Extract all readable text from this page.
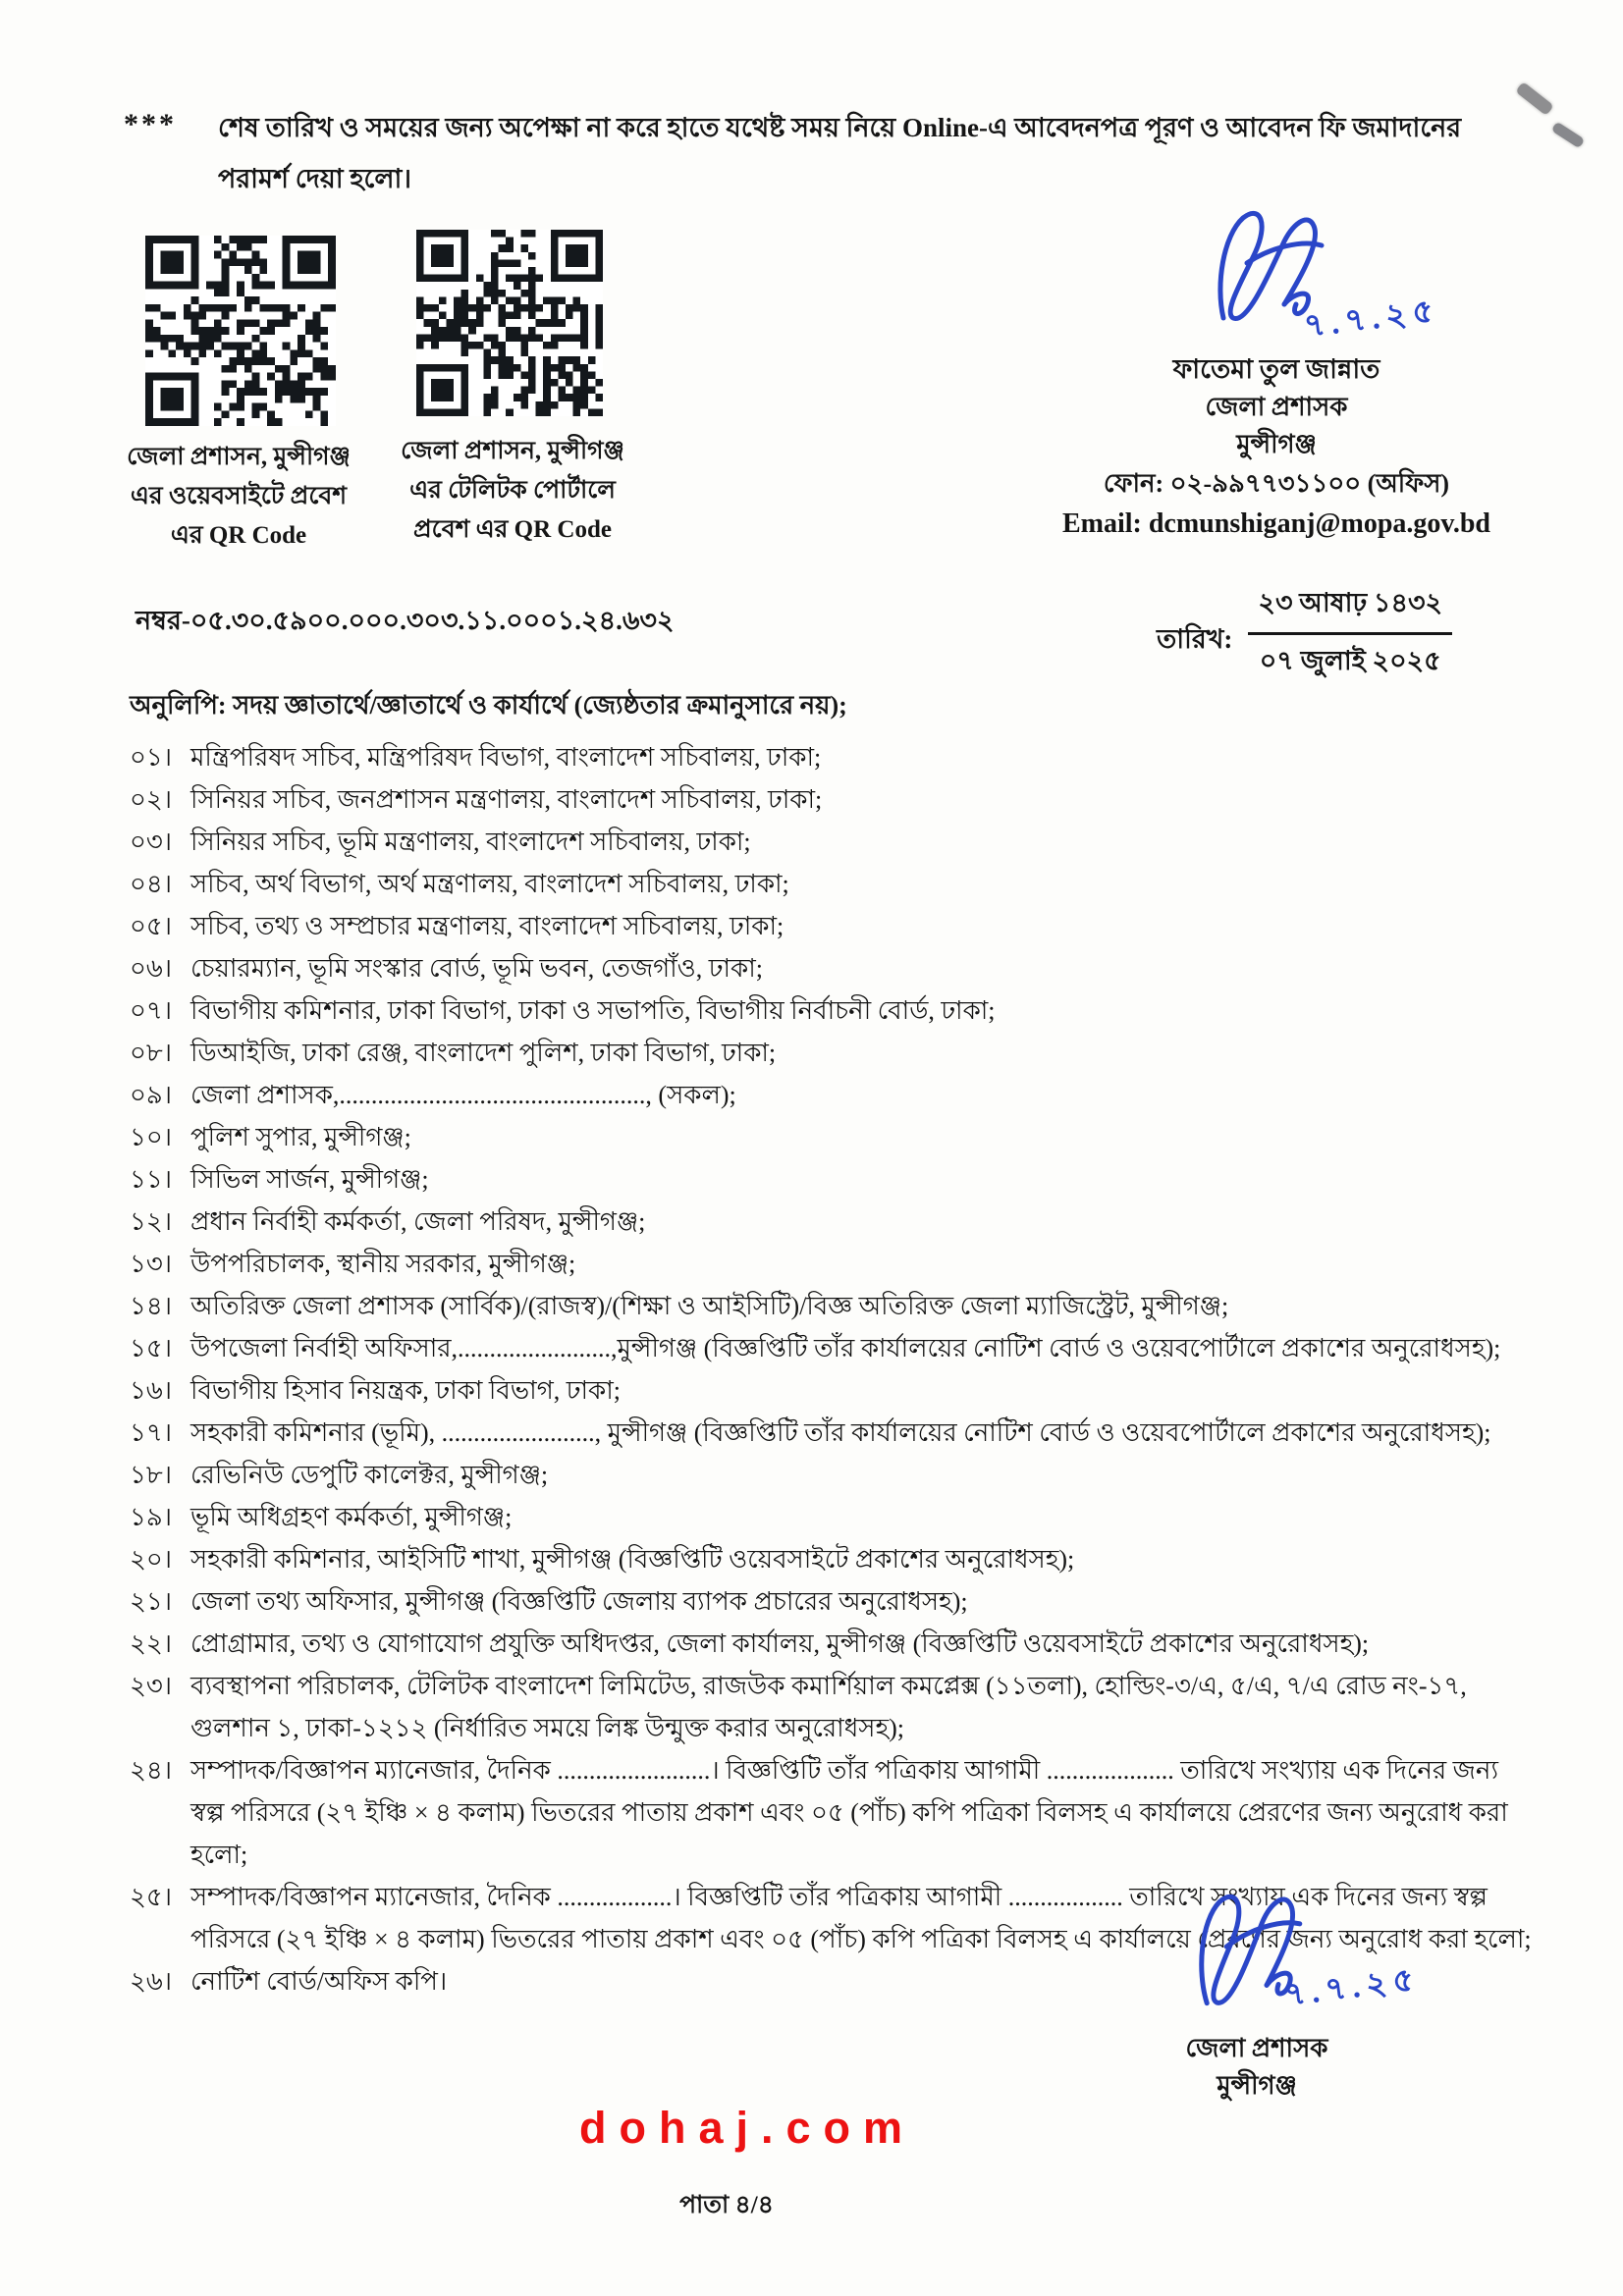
***	শেষ তারিখ ও সময়ের জন্য অপেক্ষা না করে হাতে যথেষ্ট সময় নিয়ে Online-এ আবেদনপত্র পূরণ ও আবেদন ফি জমাদানের পরামর্শ দেয়া হলো।
জেলা প্রশাসন, মুন্সীগঞ্জ
এর ওয়েবসাইটে প্রবেশ
এর QR Code
জেলা প্রশাসন, মুন্সীগঞ্জ
এর টেলিটক পোর্টালে
প্রবেশ এর QR Code
৭.৭.২৫
ফাতেমা তুল জান্নাত
জেলা প্রশাসক
মুন্সীগঞ্জ
ফোন: ০২-৯৯৭৭৩১১০০ (অফিস)
Email: dcmunshiganj@mopa.gov.bd
নম্বর-০৫.৩০.৫৯০০.০০০.৩০৩.১১.০০০১.২৪.৬৩২
তারিখ:
২৩ আষাঢ় ১৪৩২
০৭ জুলাই ২০২৫
অনুলিপি: সদয় জ্ঞাতার্থে/জ্ঞাতার্থে ও কার্যার্থে (জ্যেষ্ঠতার ক্রমানুসারে নয়);
০১। মন্ত্রিপরিষদ সচিব, মন্ত্রিপরিষদ বিভাগ, বাংলাদেশ সচিবালয়, ঢাকা;
০২। সিনিয়র সচিব, জনপ্রশাসন মন্ত্রণালয়, বাংলাদেশ সচিবালয়, ঢাকা;
০৩। সিনিয়র সচিব, ভূমি মন্ত্রণালয়, বাংলাদেশ সচিবালয়, ঢাকা;
০৪। সচিব, অর্থ বিভাগ, অর্থ মন্ত্রণালয়, বাংলাদেশ সচিবালয়, ঢাকা;
০৫। সচিব, তথ্য ও সম্প্রচার মন্ত্রণালয়, বাংলাদেশ সচিবালয়, ঢাকা;
০৬। চেয়ারম্যান, ভূমি সংস্কার বোর্ড, ভূমি ভবন, তেজগাঁও, ঢাকা;
০৭। বিভাগীয় কমিশনার, ঢাকা বিভাগ, ঢাকা ও সভাপতি, বিভাগীয় নির্বাচনী বোর্ড, ঢাকা;
০৮। ডিআইজি, ঢাকা রেঞ্জ, বাংলাদেশ পুলিশ, ঢাকা বিভাগ, ঢাকা;
০৯। জেলা প্রশাসক,................................................, (সকল);
১০। পুলিশ সুপার, মুন্সীগঞ্জ;
১১। সিভিল সার্জন, মুন্সীগঞ্জ;
১২। প্রধান নির্বাহী কর্মকর্তা, জেলা পরিষদ, মুন্সীগঞ্জ;
১৩। উপপরিচালক, স্থানীয় সরকার, মুন্সীগঞ্জ;
১৪। অতিরিক্ত জেলা প্রশাসক (সার্বিক)/(রাজস্ব)/(শিক্ষা ও আইসিটি)/বিজ্ঞ অতিরিক্ত জেলা ম্যাজিস্ট্রেট, মুন্সীগঞ্জ;
১৫। উপজেলা নির্বাহী অফিসার,........................,মুন্সীগঞ্জ (বিজ্ঞপ্তিটি তাঁর কার্যালয়ের নোটিশ বোর্ড ও ওয়েবপোর্টালে প্রকাশের অনুরোধসহ);
১৬। বিভাগীয় হিসাব নিয়ন্ত্রক, ঢাকা বিভাগ, ঢাকা;
১৭। সহকারী কমিশনার (ভূমি), ........................, মুন্সীগঞ্জ (বিজ্ঞপ্তিটি তাঁর কার্যালয়ের নোটিশ বোর্ড ও ওয়েবপোর্টালে প্রকাশের অনুরোধসহ);
১৮। রেভিনিউ ডেপুটি কালেক্টর, মুন্সীগঞ্জ;
১৯। ভূমি অধিগ্রহণ কর্মকর্তা, মুন্সীগঞ্জ;
২০। সহকারী কমিশনার, আইসিটি শাখা, মুন্সীগঞ্জ (বিজ্ঞপ্তিটি ওয়েবসাইটে প্রকাশের অনুরোধসহ);
২১। জেলা তথ্য অফিসার, মুন্সীগঞ্জ (বিজ্ঞপ্তিটি জেলায় ব্যাপক প্রচারের অনুরোধসহ);
২২। প্রোগ্রামার, তথ্য ও যোগাযোগ প্রযুক্তি অধিদপ্তর, জেলা কার্যালয়, মুন্সীগঞ্জ (বিজ্ঞপ্তিটি ওয়েবসাইটে প্রকাশের অনুরোধসহ);
২৩। ব্যবস্থাপনা পরিচালক, টেলিটক বাংলাদেশ লিমিটেড, রাজউক কমার্শিয়াল কমপ্লেক্স (১১তলা), হোল্ডিং-৩/এ, ৫/এ, ৭/এ রোড নং-১৭, গুলশান ১, ঢাকা-১২১২ (নির্ধারিত সময়ে লিঙ্ক উন্মুক্ত করার অনুরোধসহ);
২৪। সম্পাদক/বিজ্ঞাপন ম্যানেজার, দৈনিক ........................। বিজ্ঞপ্তিটি তাঁর পত্রিকায় আগামী .................... তারিখে সংখ্যায় এক দিনের জন্য স্বল্প পরিসরে (২৭ ইঞ্চি × ৪ কলাম) ভিতরের পাতায় প্রকাশ এবং ০৫ (পাঁচ) কপি পত্রিকা বিলসহ এ কার্যালয়ে প্রেরণের জন্য অনুরোধ করা হলো;
২৫। সম্পাদক/বিজ্ঞাপন ম্যানেজার, দৈনিক ..................। বিজ্ঞপ্তিটি তাঁর পত্রিকায় আগামী .................. তারিখে সংখ্যায় এক দিনের জন্য স্বল্প পরিসরে (২৭ ইঞ্চি × ৪ কলাম) ভিতরের পাতায় প্রকাশ এবং ০৫ (পাঁচ) কপি পত্রিকা বিলসহ এ কার্যালয়ে প্রেরণের জন্য অনুরোধ করা হলো;
২৬। নোটিশ বোর্ড/অফিস কপি।	৭.৭.২৫
জেলা প্রশাসক
মুন্সীগঞ্জ
dohaj.com
পাতা ৪/৪
